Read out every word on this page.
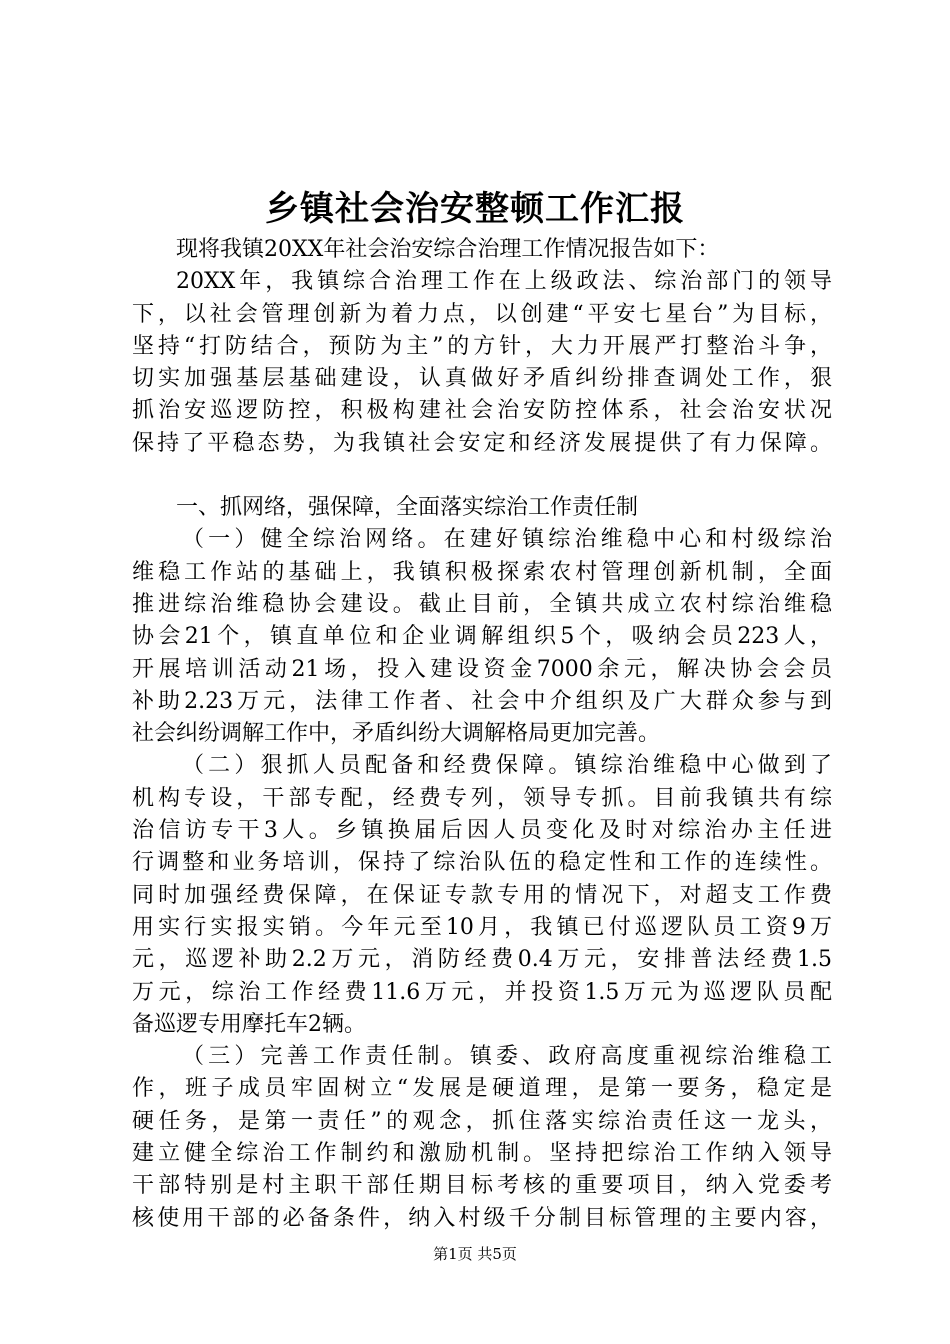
乡镇社会治安整顿工作汇报
现将我镇20XX年社会治安综合治理工作情况报告如下：
20XX年，我镇综合治理工作在上级政法、综治部门的领导
下，以社会管理创新为着力点，以创建“平安七星台”为目标，
坚持“打防结合，预防为主”的方针，大力开展严打整治斗争，
切实加强基层基础建设，认真做好矛盾纠纷排查调处工作，狠
抓治安巡逻防控，积极构建社会治安防控体系，社会治安状况
保持了平稳态势，为我镇社会安定和经济发展提供了有力保障。
一、抓网络，强保障，全面落实综治工作责任制
（一）健全综治网络。在建好镇综治维稳中心和村级综治
维稳工作站的基础上，我镇积极探索农村管理创新机制，全面
推进综治维稳协会建设。截止目前，全镇共成立农村综治维稳
协会21个，镇直单位和企业调解组织5个，吸纳会员223人，
开展培训活动21场，投入建设资金7000余元，解决协会会员
补助2.23万元，法律工作者、社会中介组织及广大群众参与到
社会纠纷调解工作中，矛盾纠纷大调解格局更加完善。
（二）狠抓人员配备和经费保障。镇综治维稳中心做到了
机构专设，干部专配，经费专列，领导专抓。目前我镇共有综
治信访专干3人。乡镇换届后因人员变化及时对综治办主任进
行调整和业务培训，保持了综治队伍的稳定性和工作的连续性。
同时加强经费保障，在保证专款专用的情况下，对超支工作费
用实行实报实销。今年元至10月，我镇已付巡逻队员工资9万
元，巡逻补助2.2万元，消防经费0.4万元，安排普法经费1.5
万元，综治工作经费11.6万元，并投资1.5万元为巡逻队员配
备巡逻专用摩托车2辆。
（三）完善工作责任制。镇委、政府高度重视综治维稳工
作，班子成员牢固树立“发展是硬道理，是第一要务，稳定是
硬任务，是第一责任”的观念，抓住落实综治责任这一龙头，
建立健全综治工作制约和激励机制。坚持把综治工作纳入领导
干部特别是村主职干部任期目标考核的重要项目，纳入党委考
核使用干部的必备条件，纳入村级千分制目标管理的主要内容，
第1页 共5页
